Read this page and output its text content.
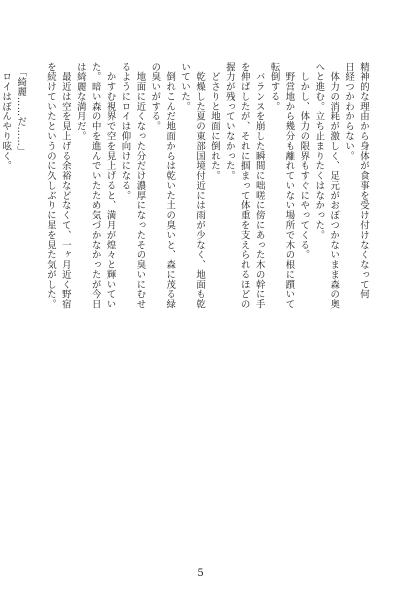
精神的な理由から身体が食事を受け付けなくなって何
日経つかわからない。
　体力の消耗が激しく、足元がおぼつかないまま森の奥
へと進む。立ち止まりたくはなかった。
　しかし、体力の限界もすぐにやってくる。
　野営地から幾分も離れていない場所で木の根に躓いて
転倒する。
　バランスを崩した瞬間に咄嗟に傍にあった木の幹に手
を伸ばしたが、それに掴まって体重を支えられるほどの
握力が残っていなかった。
　どさりと地面に倒れた。
　乾燥した夏の東部国境付近には雨が少なく、地面も乾
いていた。
　倒れこんだ地面からは乾いた土の臭いと、森に茂る緑
の臭いがする。
　地面に近くなった分だけ濃厚になったその臭いにむせ
るようにロイは仰向けになる。
　かすむ視界で空を見上げると、満月が煌々と輝いてい
た。暗い森の中を進んでいたため気づかなかったが今日
は綺麗な満月だ。
　最近は空を見上げる余裕などなくて、一ヶ月近く野宿
を続けていたというのに久しぶりに星を見た気がした。

　「綺麗……だ……」
　ロイはぼんやり呟く。
5
